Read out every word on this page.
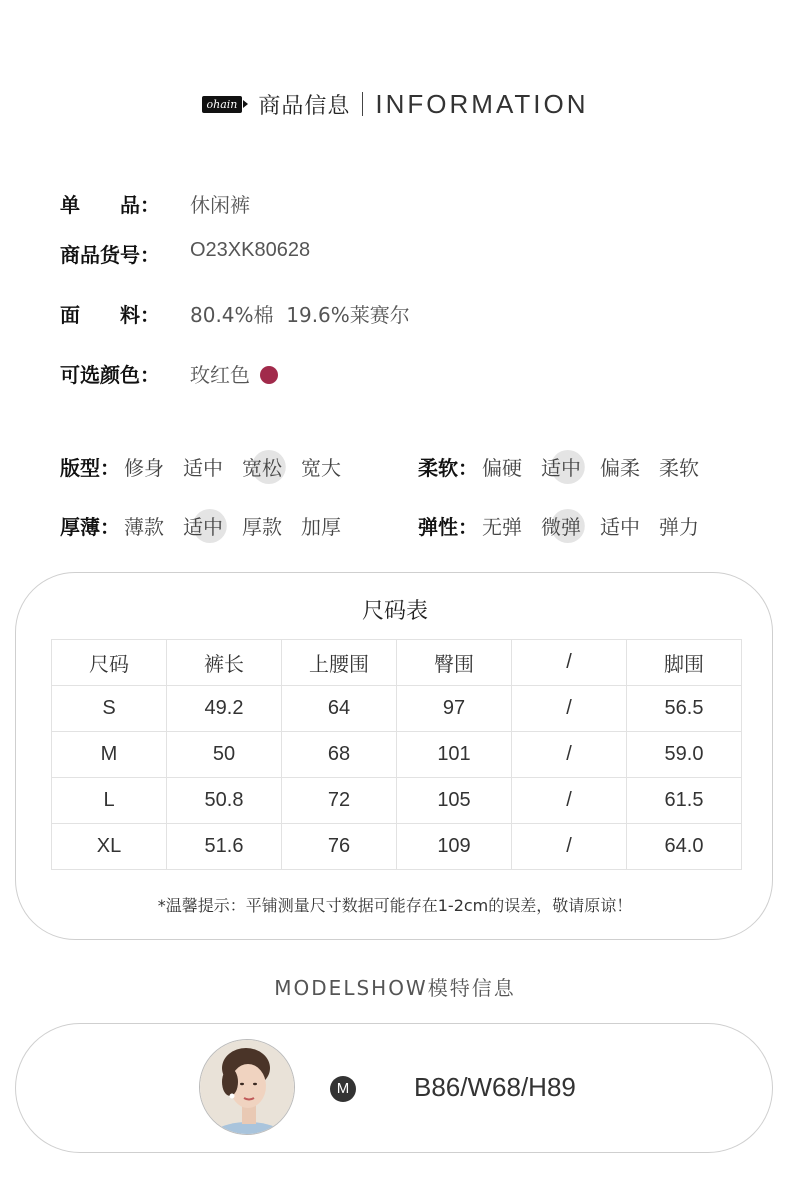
ohain 商品信息 INFORMATION
单　　品： 休闲裤
商品货号： O23XK80628
面　　料： 80.4%棉  19.6%莱赛尔
可选颜色： 玫红色
版型： 修身 适中 宽松 宽大	柔软： 偏硬 适中 偏柔 柔软
厚薄： 薄款 适中 厚款 加厚	弹性： 无弹 微弹 适中 弹力
尺码表
尺码	裤长	上腰围	臀围	/	脚围
S	49.2	64	97	/	56.5
M	50	68	101	/	59.0
L	50.8	72	105	/	61.5
XL	51.6	76	109	/	64.0
*温馨提示：平铺测量尺寸数据可能存在1-2cm的误差，敬请原谅！
MODELSHOW模特信息
M B86/W68/H89
